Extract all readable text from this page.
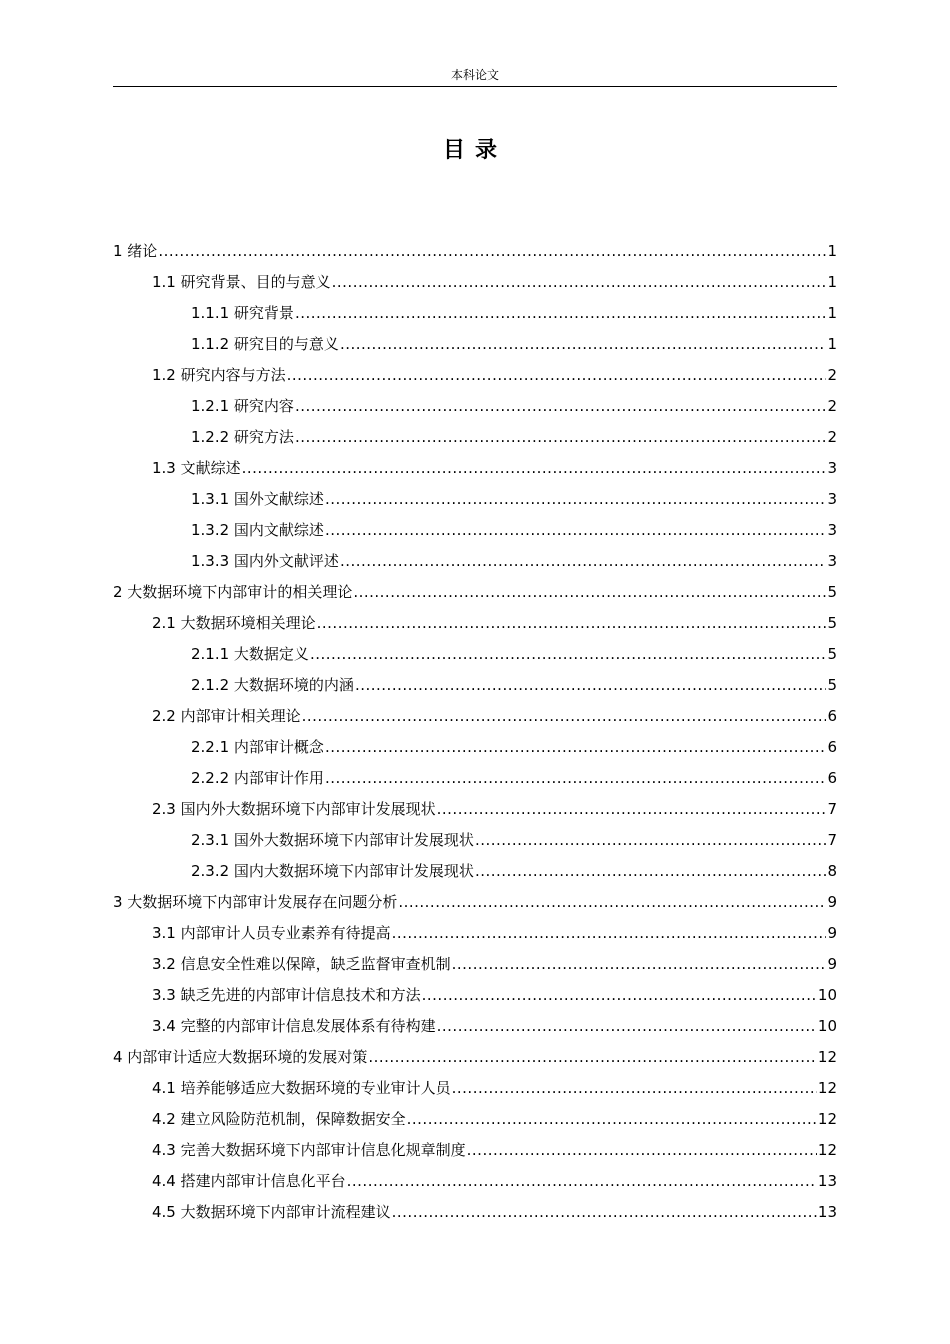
本科论文
目录
1 绪论 .....	1
1.1 研究背景、目的与意义 .....	1
1.1.1 研究背景 .....	1
1.1.2 研究目的与意义 .....	1
1.2 研究内容与方法 .....	2
1.2.1 研究内容 .....	2
1.2.2 研究方法 .....	2
1.3 文献综述 .....	3
1.3.1 国外文献综述 .....	3
1.3.2 国内文献综述 .....	3
1.3.3 国内外文献评述 .....	3
2 大数据环境下内部审计的相关理论 .....	5
2.1 大数据环境相关理论 .....	5
2.1.1 大数据定义 .....	5
2.1.2 大数据环境的内涵 .....	5
2.2 内部审计相关理论 .....	6
2.2.1 内部审计概念 .....	6
2.2.2 内部审计作用 .....	6
2.3 国内外大数据环境下内部审计发展现状 .....	7
2.3.1 国外大数据环境下内部审计发展现状 .....	7
2.3.2 国内大数据环境下内部审计发展现状 .....	8
3 大数据环境下内部审计发展存在问题分析 .....	9
3.1 内部审计人员专业素养有待提高 .....	9
3.2 信息安全性难以保障，缺乏监督审查机制 .....	9
3.3 缺乏先进的内部审计信息技术和方法 .....	10
3.4 完整的内部审计信息发展体系有待构建 .....	10
4 内部审计适应大数据环境的发展对策 .....	12
4.1 培养能够适应大数据环境的专业审计人员 .....	12
4.2 建立风险防范机制，保障数据安全 .....	12
4.3 完善大数据环境下内部审计信息化规章制度 .....	12
4.4 搭建内部审计信息化平台 .....	13
4.5 大数据环境下内部审计流程建议 .....	13
